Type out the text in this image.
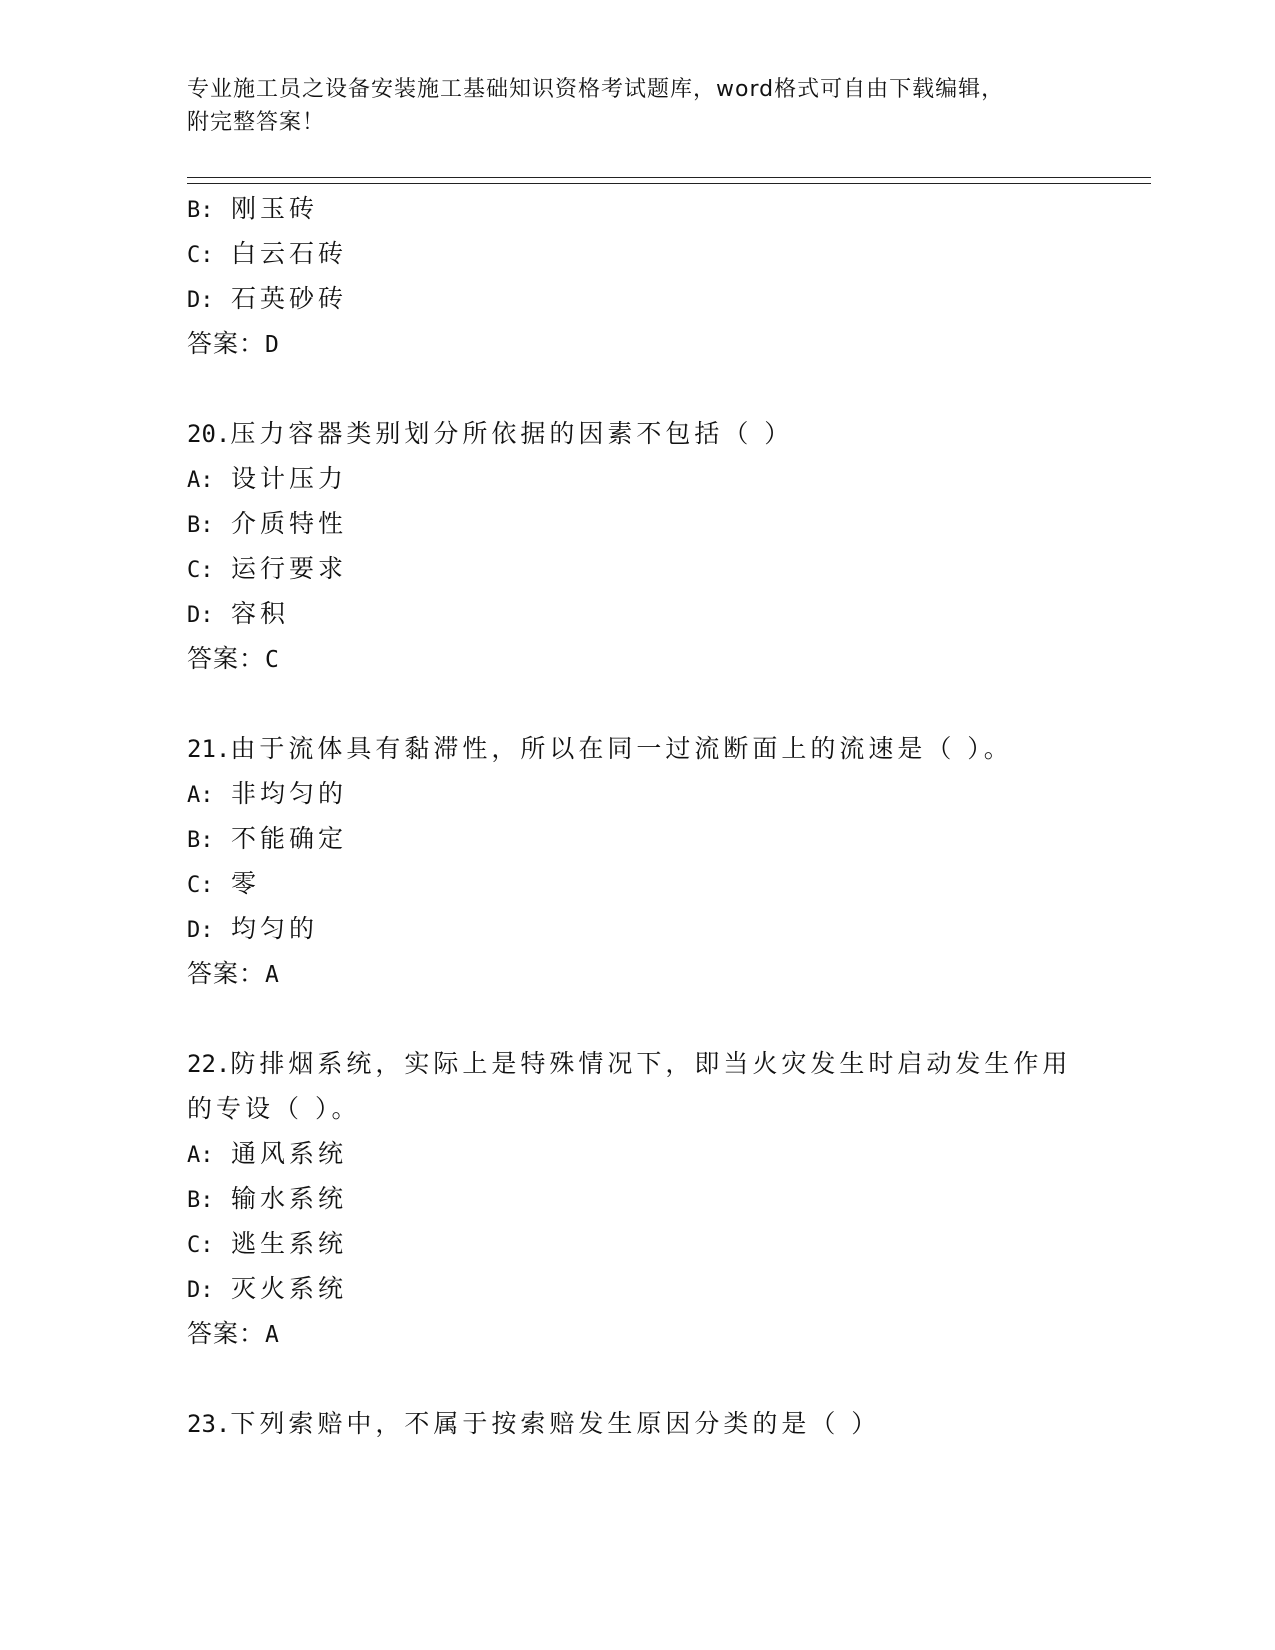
专业施工员之设备安装施工基础知识资格考试题库，word格式可自由下载编辑，
附完整答案！
B: 刚玉砖
C: 白云石砖
D: 石英砂砖
答案：D
20.压力容器类别划分所依据的因素不包括（ ）
A: 设计压力
B: 介质特性
C: 运行要求
D: 容积
答案：C
21.由于流体具有黏滞性，所以在同一过流断面上的流速是（ ）。
A: 非均匀的
B: 不能确定
C: 零
D: 均匀的
答案：A
22.防排烟系统，实际上是特殊情况下，即当火灾发生时启动发生作用
的专设（ ）。
A: 通风系统
B: 输水系统
C: 逃生系统
D: 灭火系统
答案：A
23.下列索赔中，不属于按索赔发生原因分类的是（ ）
